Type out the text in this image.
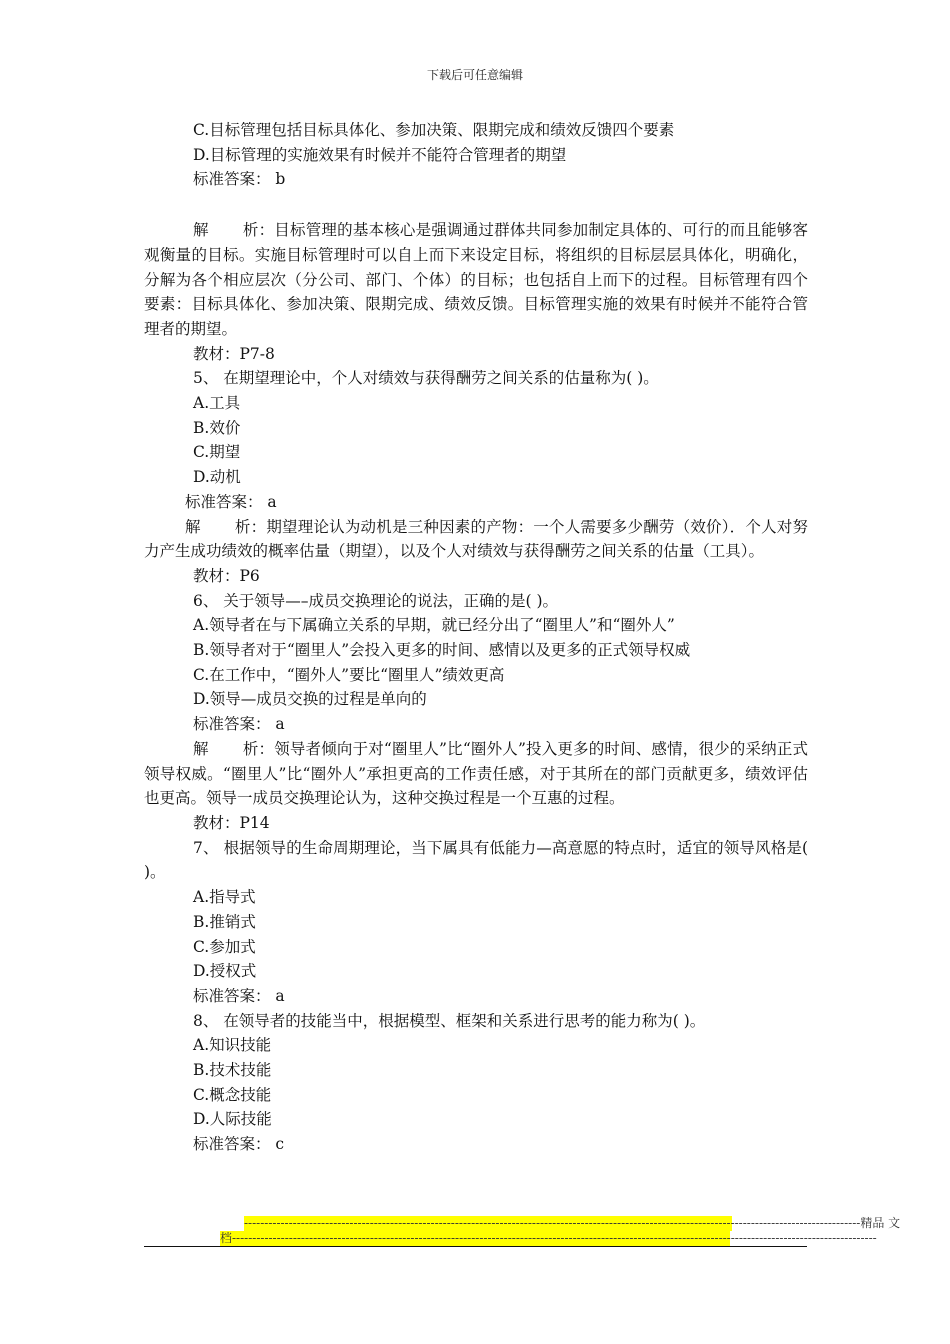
下载后可任意编辑
C.目标管理包括目标具体化、参加决策、限期完成和绩效反馈四个要素
D.目标管理的实施效果有时候并不能符合管理者的期望
标准答案： b
解 析：目标管理的基本核心是强调通过群体共同参加制定具体的、可行的而且能够客观衡量的目标。实施目标管理时可以自上而下来设定目标，将组织的目标层层具体化，明确化，分解为各个相应层次（分公司、部门、个体）的目标；也包括自上而下的过程。目标管理有四个要素：目标具体化、参加决策、限期完成、绩效反馈。目标管理实施的效果有时候并不能符合管理者的期望。
教材：P7-8
5、 在期望理论中，个人对绩效与获得酬劳之间关系的估量称为( )。
A.工具
B.效价
C.期望
D.动机
标准答案： a
解 析：期望理论认为动机是三种因素的产物：一个人需要多少酬劳（效价）．个人对努力产生成功绩效的概率估量（期望），以及个人对绩效与获得酬劳之间关系的估量（工具）。
教材：P6
6、 关于领导—–成员交换理论的说法，正确的是( )。
A.领导者在与下属确立关系的早期，就已经分出了“圈里人”和“圈外人”
B.领导者对于“圈里人”会投入更多的时间、感情以及更多的正式领导权威
C.在工作中，“圈外人”要比“圈里人”绩效更高
D.领导—成员交换的过程是单向的
标准答案： a
解 析：领导者倾向于对“圈里人”比“圈外人”投入更多的时间、感情，很少的采纳正式领导权威。“圈里人”比“圈外人”承担更高的工作责任感，对于其所在的部门贡献更多，绩效评估也更高。领导一成员交换理论认为，这种交换过程是一个互惠的过程。
教材：P14
7、 根据领导的生命周期理论，当下属具有低能力—高意愿的特点时，适宜的领导风格是( )。
A.指导式
B.推销式
C.参加式
D.授权式
标准答案： a
8、 在领导者的技能当中，根据模型、框架和关系进行思考的能力称为( )。
A.知识技能
B.技术技能
C.概念技能
D.人际技能
标准答案： c
--------------------------------------------------------------------------------------------------------------------------------------------------------精品 文
档---------------------------------------------------------------------------------------------------------------------------------------------------------------
